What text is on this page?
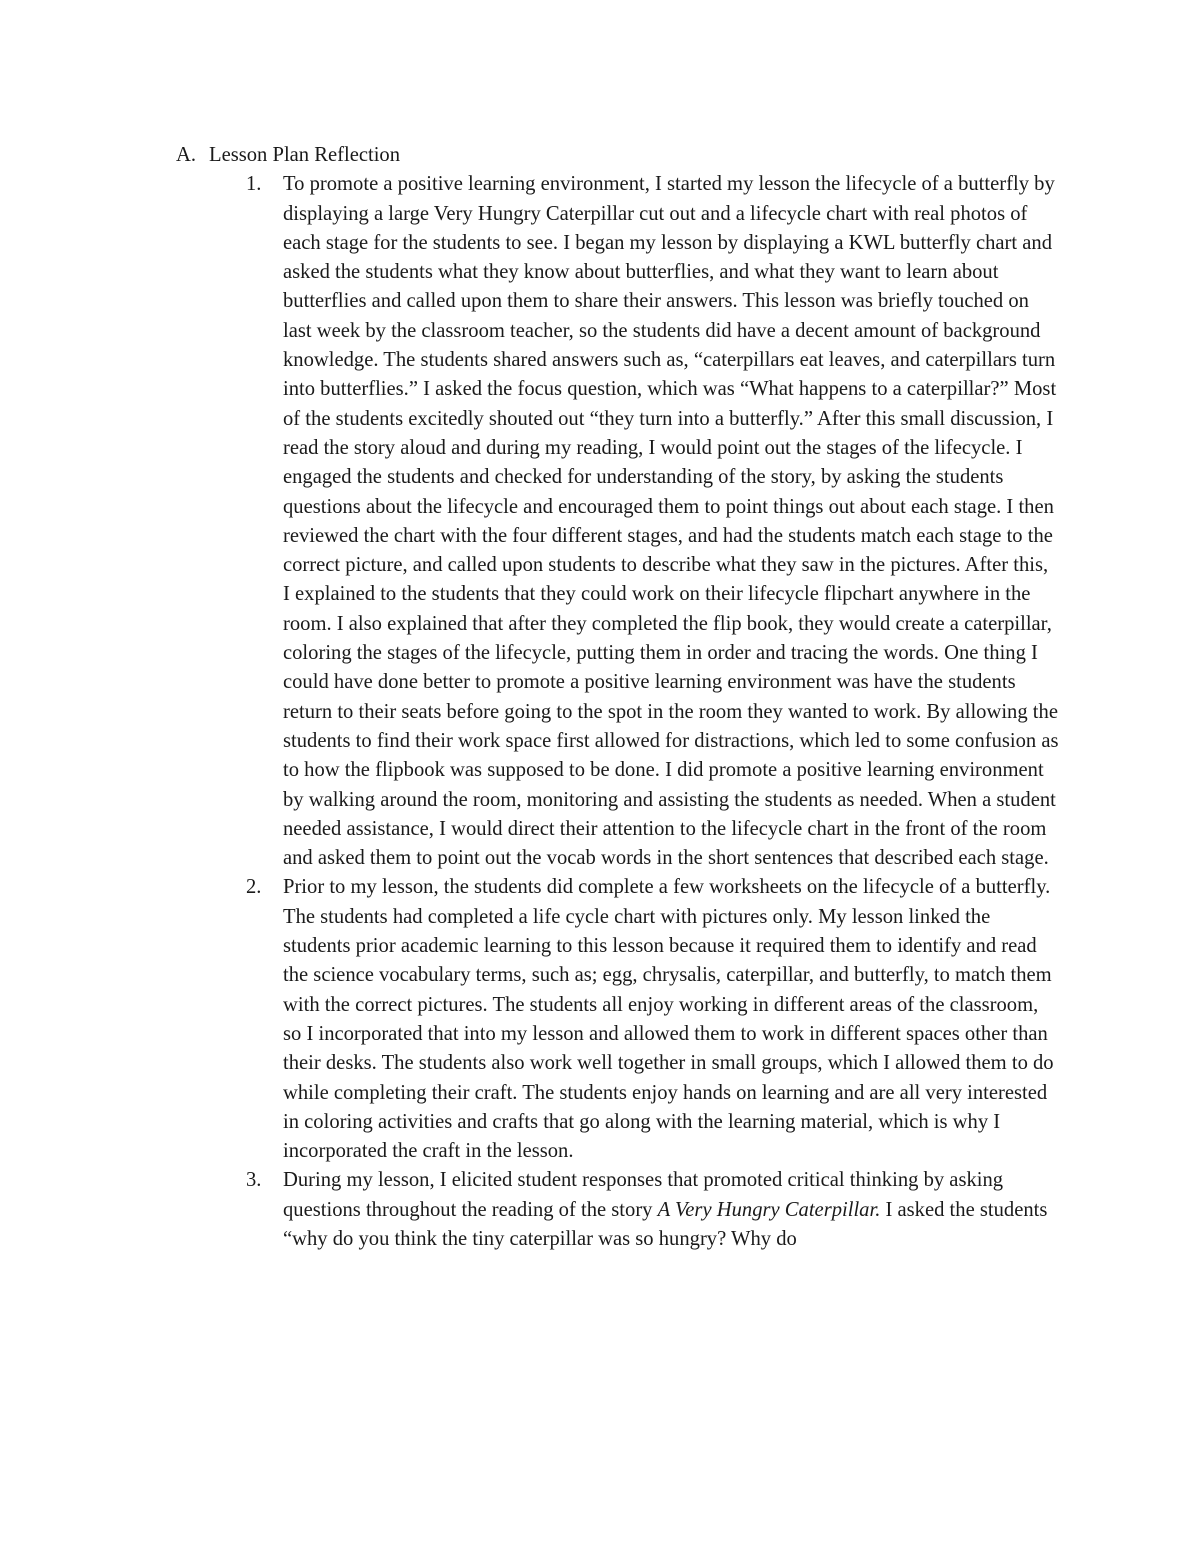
A. Lesson Plan Reflection

1. To promote a positive learning environment, I started my lesson the lifecycle of a butterfly by displaying a large Very Hungry Caterpillar cut out and a lifecycle chart with real photos of each stage for the students to see. I began my lesson by displaying a KWL butterfly chart and asked the students what they know about butterflies, and what they want to learn about butterflies and called upon them to share their answers. This lesson was briefly touched on last week by the classroom teacher, so the students did have a decent amount of background knowledge. The students shared answers such as, “caterpillars eat leaves, and caterpillars turn into butterflies.” I asked the focus question, which was “What happens to a caterpillar?” Most of the students excitedly shouted out “they turn into a butterfly.” After this small discussion, I read the story aloud and during my reading, I would point out the stages of the lifecycle. I engaged the students and checked for understanding of the story, by asking the students questions about the lifecycle and encouraged them to point things out about each stage. I then reviewed the chart with the four different stages, and had the students match each stage to the correct picture, and called upon students to describe what they saw in the pictures. After this, I explained to the students that they could work on their lifecycle flipchart anywhere in the room. I also explained that after they completed the flip book, they would create a caterpillar, coloring the stages of the lifecycle, putting them in order and tracing the words. One thing I could have done better to promote a positive learning environment was have the students return to their seats before going to the spot in the room they wanted to work. By allowing the students to find their work space first allowed for distractions, which led to some confusion as to how the flipbook was supposed to be done. I did promote a positive learning environment by walking around the room, monitoring and assisting the students as needed. When a student needed assistance, I would direct their attention to the lifecycle chart in the front of the room and asked them to point out the vocab words in the short sentences that described each stage.

2. Prior to my lesson, the students did complete a few worksheets on the lifecycle of a butterfly. The students had completed a life cycle chart with pictures only. My lesson linked the students prior academic learning to this lesson because it required them to identify and read the science vocabulary terms, such as; egg, chrysalis, caterpillar, and butterfly, to match them with the correct pictures. The students all enjoy working in different areas of the classroom, so I incorporated that into my lesson and allowed them to work in different spaces other than their desks. The students also work well together in small groups, which I allowed them to do while completing their craft. The students enjoy hands on learning and are all very interested in coloring activities and crafts that go along with the learning material, which is why I incorporated the craft in the lesson.

3. During my lesson, I elicited student responses that promoted critical thinking by asking questions throughout the reading of the story A Very Hungry Caterpillar. I asked the students “why do you think the tiny caterpillar was so hungry? Why do
